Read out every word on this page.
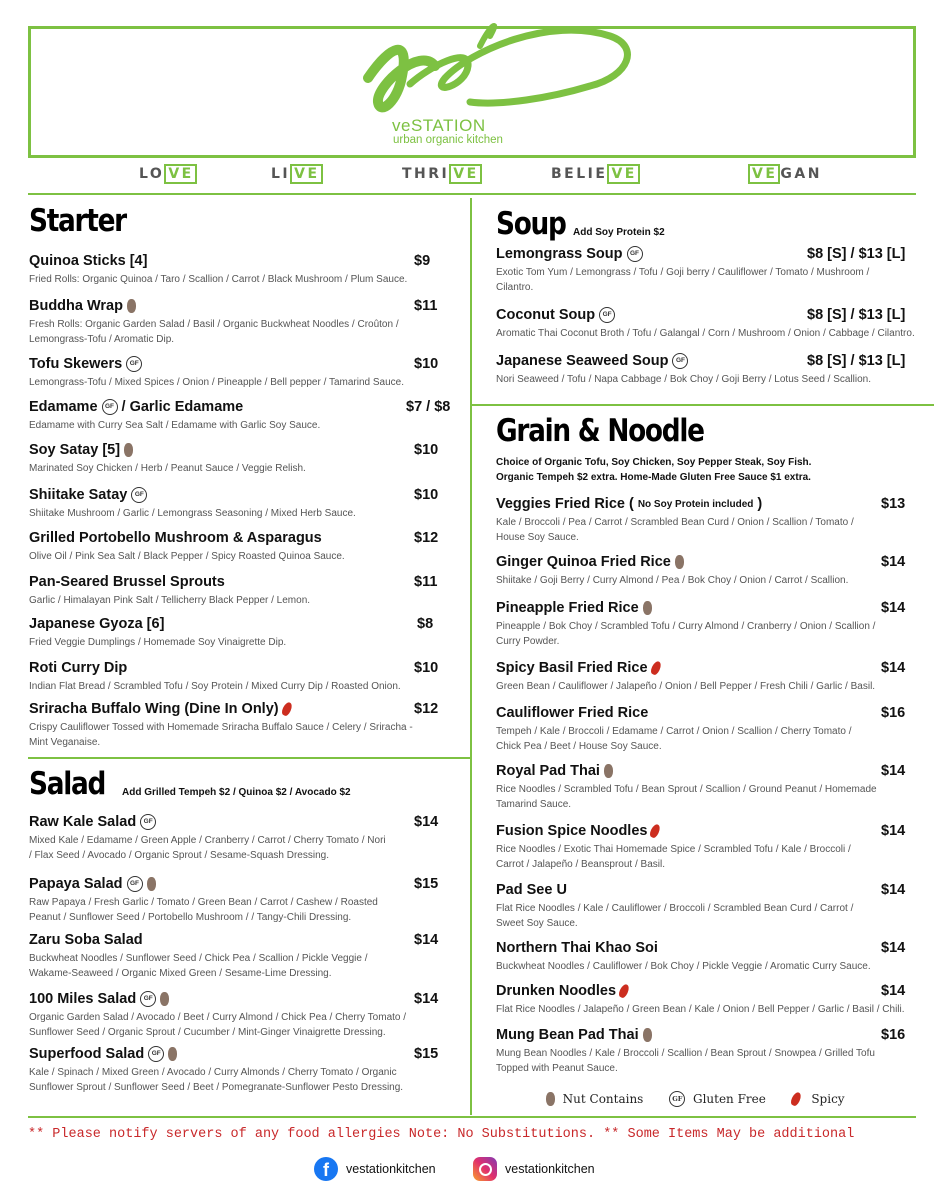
veSTATION
urban organic kitchen
LO VE	LI VE	THRI VE	BELIE VE	VE GAN
Starter
Quinoa Sticks [4]	$9
Fried Rolls: Organic Quinoa / Taro / Scallion / Carrot / Black Mushroom / Plum Sauce.
Buddha Wrap	$11
Fresh Rolls: Organic Garden Salad / Basil / Organic Buckwheat Noodles / Croûton / Lemongrass-Tofu / Aromatic Dip.
Tofu Skewers	GF	$10
Lemongrass-Tofu / Mixed Spices / Onion / Pineapple / Bell pepper / Tamarind Sauce.
Edamame	GF / Garlic Edamame	$7 / $8
Edamame with Curry Sea Salt / Edamame with Garlic Soy Sauce.
Soy Satay [5]	$10
Marinated Soy Chicken / Herb / Peanut Sauce / Veggie Relish.
Shiitake Satay	GF	$10
Shiitake Mushroom / Garlic / Lemongrass Seasoning / Mixed Herb Sauce.
Grilled Portobello Mushroom & Asparagus	$12
Olive Oil / Pink Sea Salt / Black Pepper / Spicy Roasted Quinoa Sauce.
Pan-Seared Brussel Sprouts	$11
Garlic / Himalayan Pink Salt / Tellicherry Black Pepper / Lemon.
Japanese Gyoza [6]	$8
Fried Veggie Dumplings / Homemade Soy Vinaigrette Dip.
Roti Curry Dip	$10
Indian Flat Bread / Scrambled Tofu / Soy Protein / Mixed Curry Dip / Roasted Onion.
Sriracha Buffalo Wing (Dine In Only)	$12
Crispy Cauliflower Tossed with Homemade Sriracha Buffalo Sauce / Celery / Sriracha - Mint Veganaise.
Salad	Add Grilled Tempeh $2 / Quinoa $2 / Avocado $2
Raw Kale Salad	GF	$14
Mixed Kale / Edamame / Green Apple / Cranberry / Carrot / Cherry Tomato / Nori / Flax Seed / Avocado / Organic Sprout / Sesame-Squash Dressing.
Papaya Salad	GF	$15
Raw Papaya / Fresh Garlic / Tomato / Green Bean / Carrot / Cashew / Roasted Peanut / Sunflower Seed / Portobello Mushroom / / Tangy-Chili Dressing.
Zaru Soba Salad	$14
Buckwheat Noodles / Sunflower Seed / Chick Pea / Scallion / Pickle Veggie / Wakame-Seaweed / Organic Mixed Green / Sesame-Lime Dressing.
100 Miles Salad	GF	$14
Organic Garden Salad / Avocado / Beet / Curry Almond / Chick Pea / Cherry Tomato / Sunflower Seed / Organic Sprout / Cucumber / Mint-Ginger Vinaigrette Dressing.
Superfood Salad	GF	$15
Kale / Spinach / Mixed Green / Avocado / Curry Almonds / Cherry Tomato / Organic Sunflower Sprout / Sunflower Seed / Beet / Pomegranate-Sunflower Pesto Dressing.
Soup Add Soy Protein $2
Lemongrass Soup	GF	$8 [S] / $13 [L]
Exotic Tom Yum / Lemongrass / Tofu / Goji berry / Cauliflower / Tomato / Mushroom / Cilantro.
Coconut Soup	GF	$8 [S] / $13 [L]
Aromatic Thai Coconut Broth / Tofu / Galangal / Corn / Mushroom / Onion / Cabbage / Cilantro.
Japanese Seaweed Soup	GF	$8 [S] / $13 [L]
Nori Seaweed / Tofu / Napa Cabbage / Bok Choy / Goji Berry / Lotus Seed / Scallion.
Grain & Noodle
Choice of Organic Tofu, Soy Chicken, Soy Pepper Steak, Soy Fish.
Organic Tempeh $2 extra. Home-Made Gluten Free Sauce $1 extra.
Veggies Fried Rice ( No Soy Protein included )	$13
Kale / Broccoli / Pea / Carrot / Scrambled Bean Curd / Onion / Scallion / Tomato / House Soy Sauce.
Ginger Quinoa Fried Rice	$14
Shiitake / Goji Berry / Curry Almond / Pea / Bok Choy / Onion / Carrot / Scallion.
Pineapple Fried Rice	$14
Pineapple / Bok Choy / Scrambled Tofu / Curry Almond / Cranberry / Onion / Scallion / Curry Powder.
Spicy Basil Fried Rice	$14
Green Bean / Cauliflower / Jalapeño / Onion / Bell Pepper / Fresh Chili / Garlic / Basil.
Cauliflower Fried Rice	$16
Tempeh / Kale / Broccoli / Edamame / Carrot / Onion / Scallion / Cherry Tomato / Chick Pea / Beet / House Soy Sauce.
Royal Pad Thai	$14
Rice Noodles / Scrambled Tofu / Bean Sprout / Scallion / Ground Peanut / Homemade Tamarind Sauce.
Fusion Spice Noodles	$14
Rice Noodles / Exotic Thai Homemade Spice / Scrambled Tofu / Kale / Broccoli / Carrot / Jalapeño / Beansprout / Basil.
Pad See U	$14
Flat Rice Noodles / Kale / Cauliflower / Broccoli / Scrambled Bean Curd / Carrot / Sweet Soy Sauce.
Northern Thai Khao Soi	$14
Buckwheat Noodles / Cauliflower / Bok Choy / Pickle Veggie / Aromatic Curry Sauce.
Drunken Noodles	$14
Flat Rice Noodles / Jalapeño / Green Bean / Kale / Onion / Bell Pepper / Garlic / Basil / Chili.
Mung Bean Pad Thai	$16
Mung Bean Noodles / Kale / Broccoli / Scallion / Bean Sprout / Snowpea / Grilled Tofu Topped with Peanut Sauce.

Nut Contains	GF
Gluten Free
	Spicy
** Please notify servers of any food allergies Note: No Substitutions. ** Some Items May be additional
f	vestationkitchen	vestationkitchen
